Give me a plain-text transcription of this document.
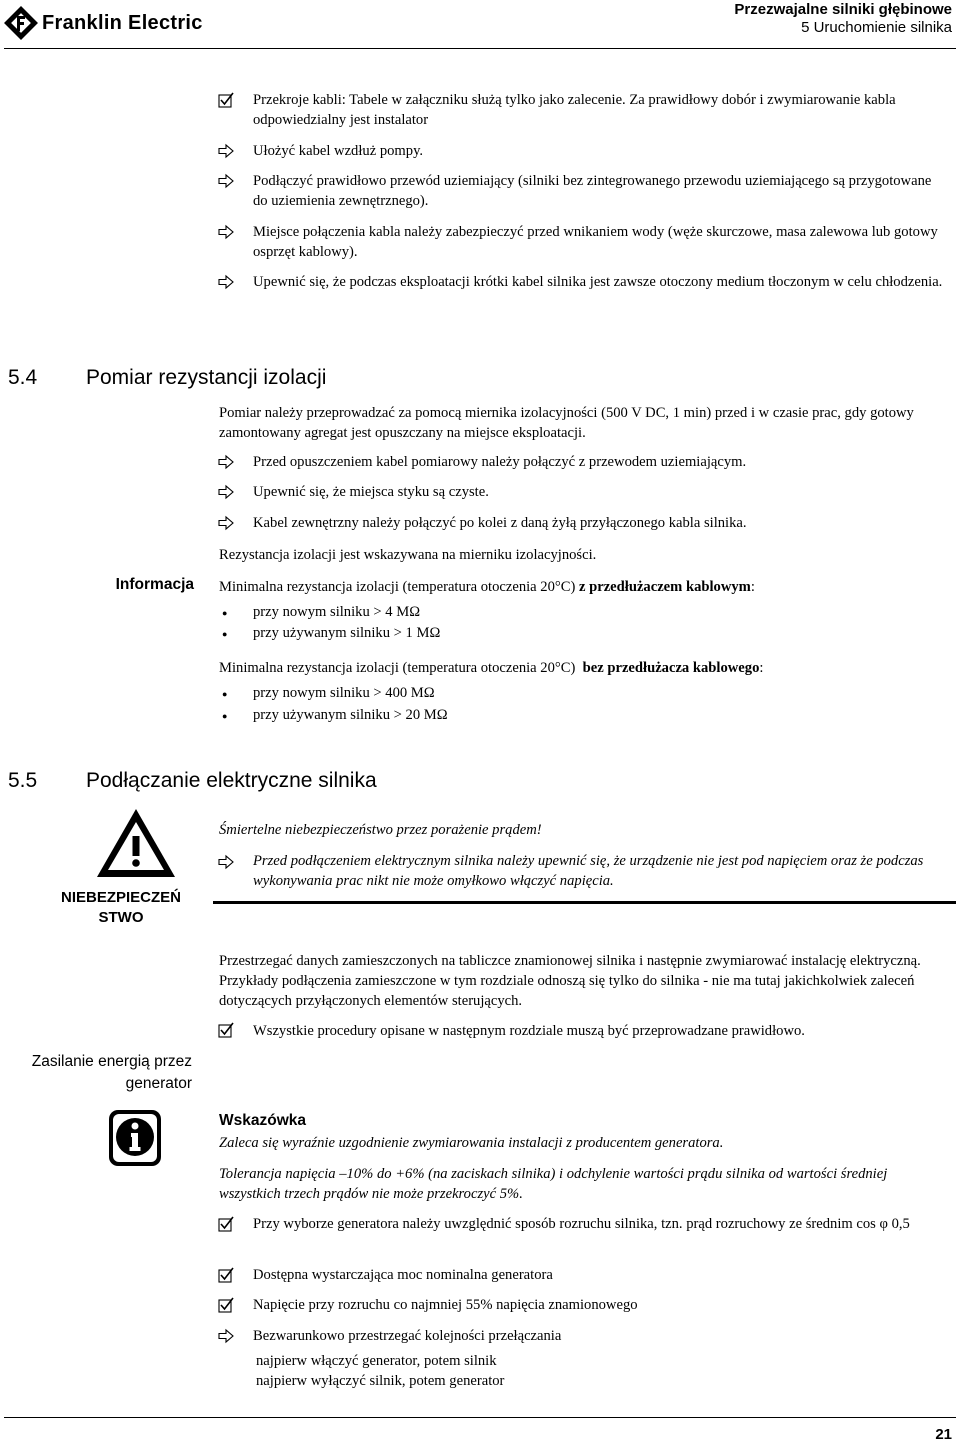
Franklin Electric
Przezwajalne silniki głębinowe
5 Uruchomienie silnika
Przekroje kabli: Tabele w załączniku służą tylko jako zalecenie. Za prawidłowy dobór i zwymiarowanie kabla odpowiedzialny jest instalator
Ułożyć kabel wzdłuż pompy.
Podłączyć prawidłowo przewód uziemiający (silniki bez zintegrowanego przewodu uziemiającego są przygotowane do uziemienia zewnętrznego).
Miejsce połączenia kabla należy zabezpieczyć przed wnikaniem wody (węże skurczowe, masa zalewowa lub gotowy osprzęt kablowy).
Upewnić się, że podczas eksploatacji krótki kabel silnika jest zawsze otoczony medium tłoczonym w celu chłodzenia.
5.4 Pomiar rezystancji izolacji
Pomiar należy przeprowadzać za pomocą miernika izolacyjności (500 V DC, 1 min) przed i w czasie prac, gdy gotowy zamontowany agregat jest opuszczany na miejsce eksploatacji.
Przed opuszczeniem kabel pomiarowy należy połączyć z przewodem uziemiającym.
Upewnić się, że miejsca styku są czyste.
Kabel zewnętrzny należy połączyć po kolei z daną żyłą przyłączonego kabla silnika.
Rezystancja izolacji jest wskazywana na mierniku izolacyjności.
Informacja Minimalna rezystancja izolacji (temperatura otoczenia 20°C) z przedłużaczem kablowym:
● przy nowym silniku > 4 MΩ
● przy używanym silniku > 1 MΩ
Minimalna rezystancja izolacji (temperatura otoczenia 20°C)  bez przedłużacza kablowego:
● przy nowym silniku > 400 MΩ
● przy używanym silniku > 20 MΩ
5.5 Podłączanie elektryczne silnika
NIEBEZPIECZEŃ
STWO
Śmiertelne niebezpieczeństwo przez porażenie prądem!
Przed podłączeniem elektrycznym silnika należy upewnić się, że urządzenie nie jest pod napięciem oraz że podczas wykonywania prac nikt nie może omyłkowo włączyć napięcia.
Przestrzegać danych zamieszczonych na tabliczce znamionowej silnika i następnie zwymiarować instalację elektryczną. Przykłady podłączenia zamieszczone w tym rozdziale odnoszą się tylko do silnika - nie ma tutaj jakichkolwiek zaleceń dotyczących przyłączonych elementów sterujących.
Wszystkie procedury opisane w następnym rozdziale muszą być przeprowadzane prawidłowo.
Zasilanie energią przez generator
Wskazówka
Zaleca się wyraźnie uzgodnienie zwymiarowania instalacji z producentem generatora.
Tolerancja napięcia –10% do +6% (na zaciskach silnika) i odchylenie wartości prądu silnika od wartości średniej wszystkich trzech prądów nie może przekroczyć 5%.
Przy wyborze generatora należy uwzględnić sposób rozruchu silnika, tzn. prąd rozruchowy ze średnim cos φ 0,5
Dostępna wystarczająca moc nominalna generatora
Napięcie przy rozruchu co najmniej 55% napięcia znamionowego
Bezwarunkowo przestrzegać kolejności przełączania
najpierw włączyć generator, potem silnik
najpierw wyłączyć silnik, potem generator
21
